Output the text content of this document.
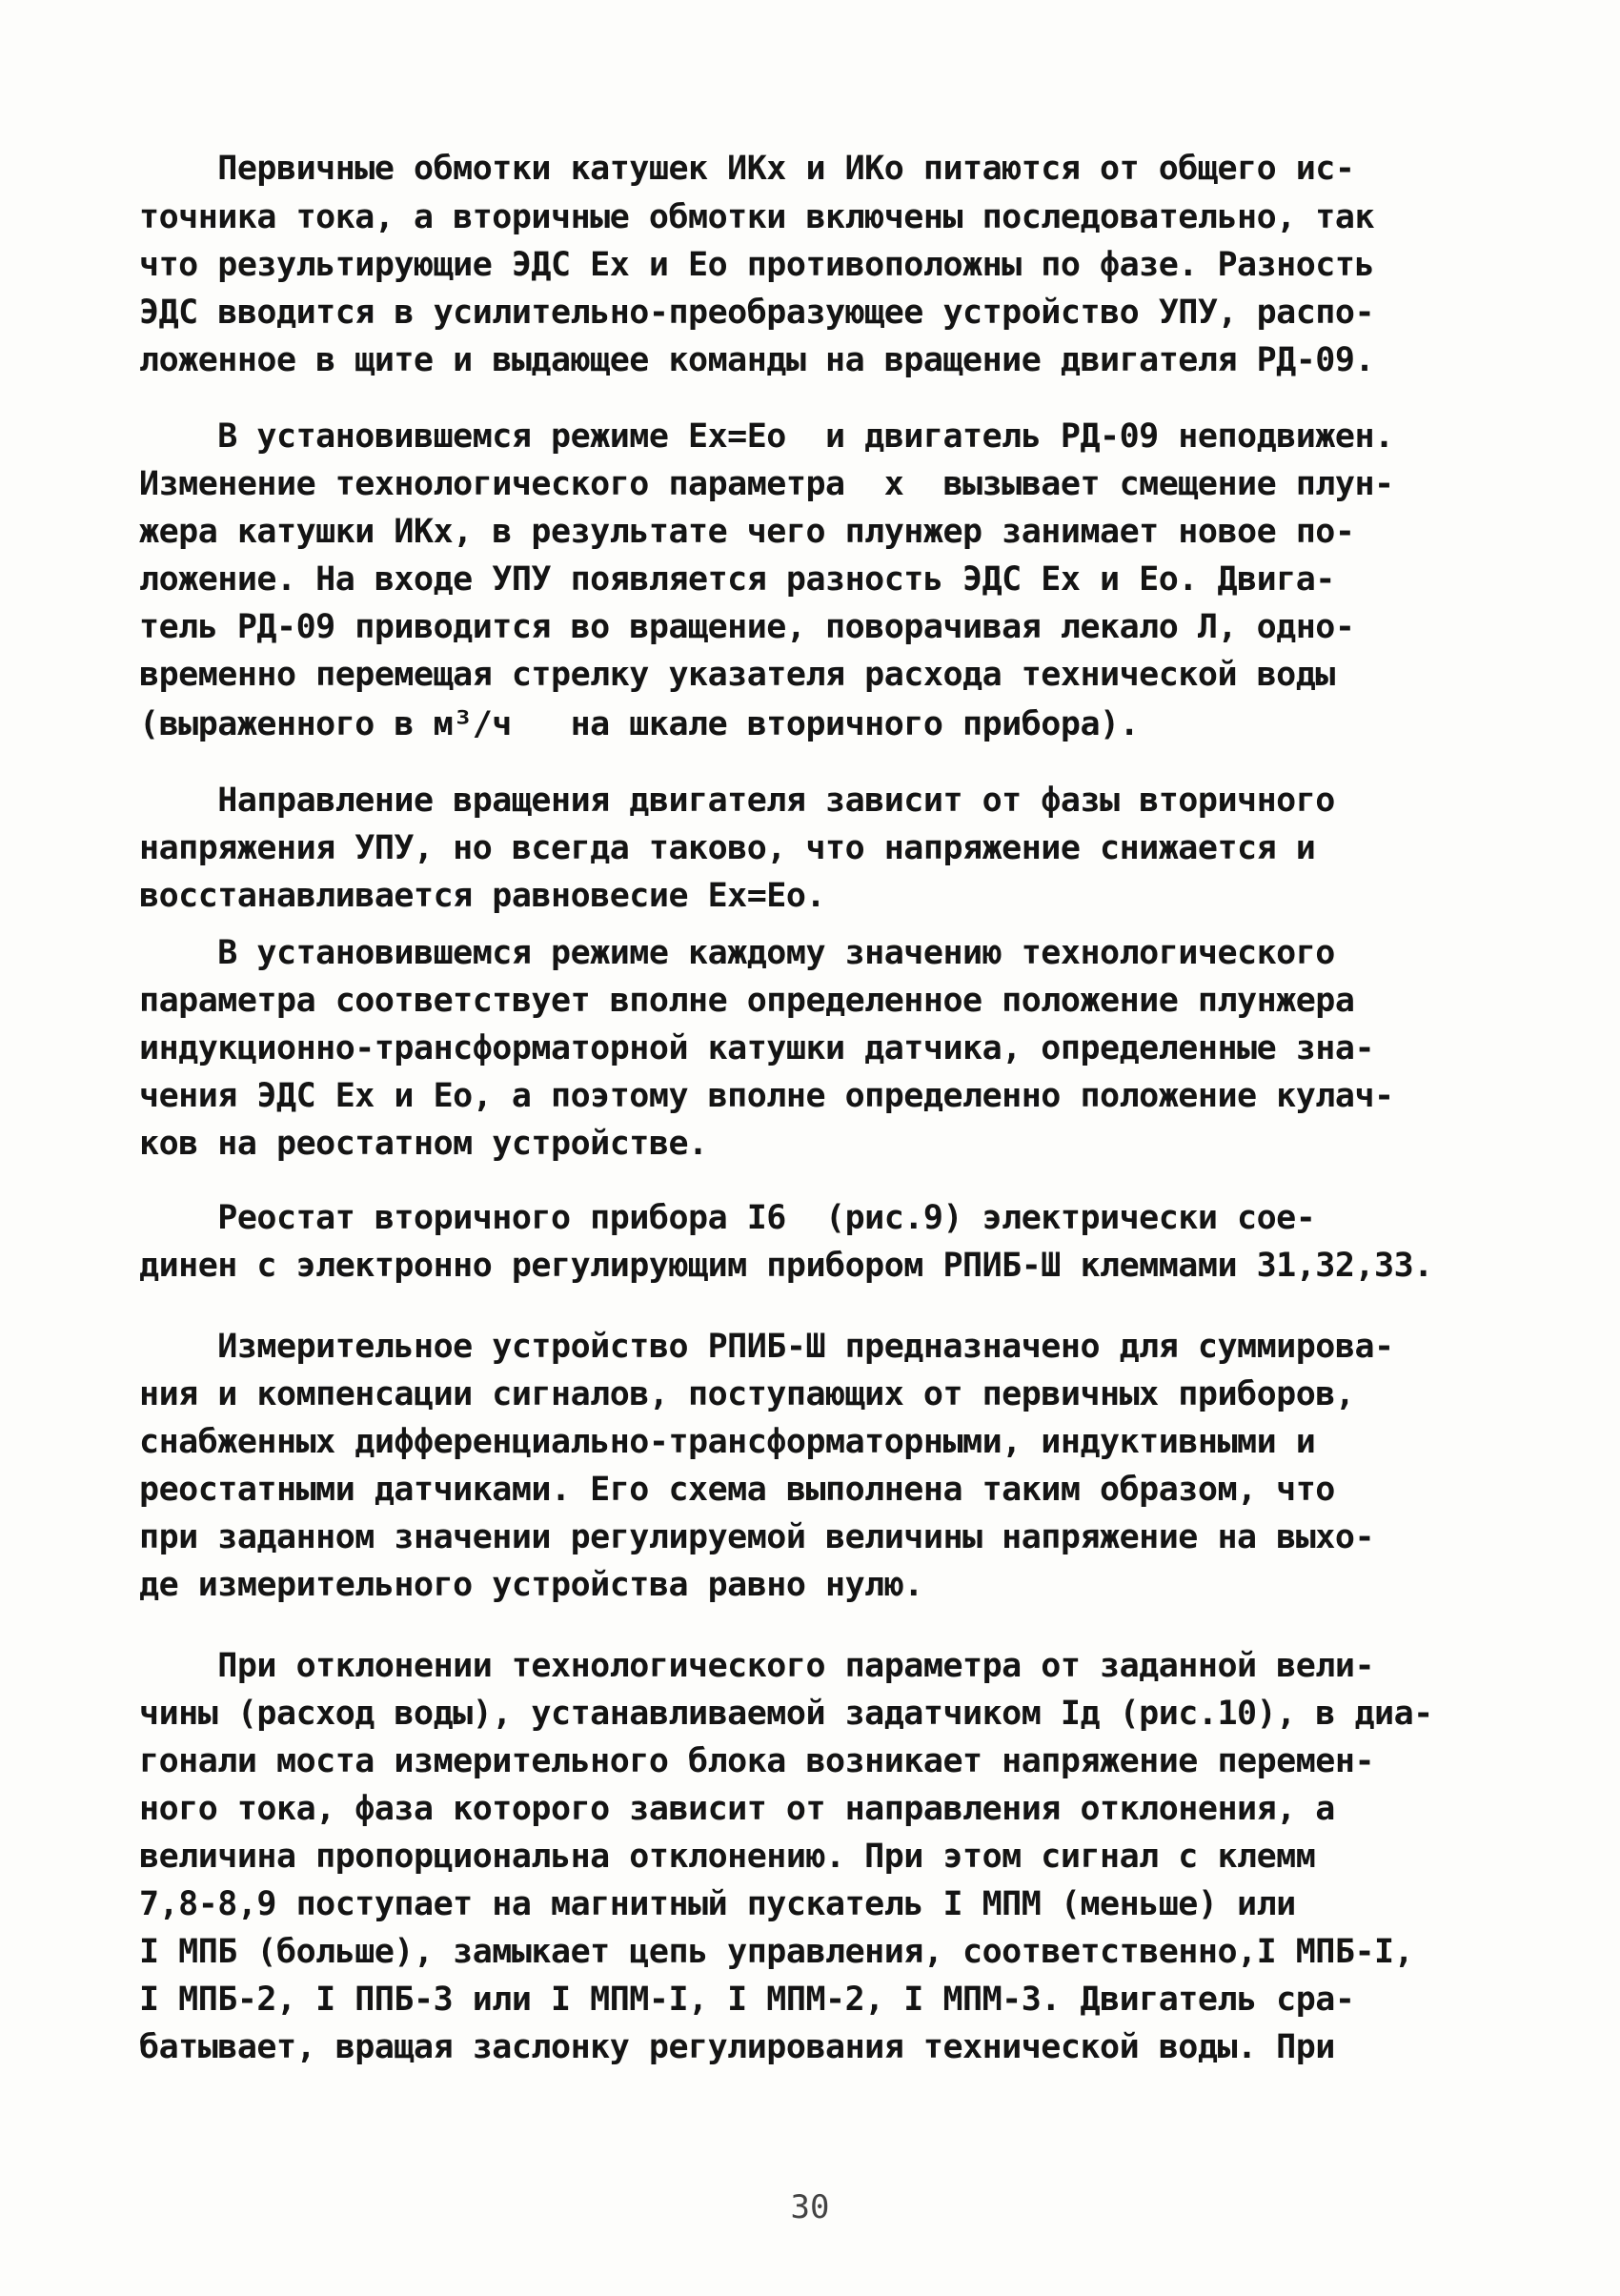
Первичные обмотки катушек ИКх и ИКо питаются от общего ис-
точника тока, а вторичные обмотки включены последовательно, так
что результирующие ЭДС Ех и Ео противоположны по фазе. Разность
ЭДС вводится в усилительно-преобразующее устройство УПУ, распо-
ложенное в щите и выдающее команды на вращение двигателя РД-09.
В установившемся режиме Ех=Ео  и двигатель РД-09 неподвижен.
Изменение технологического параметра  х  вызывает смещение плун-
жера катушки ИКх, в результате чего плунжер занимает новое по-
ложение. На входе УПУ появляется разность ЭДС Ех и Ео. Двига-
тель РД-09 приводится во вращение, поворачивая лекало Л, одно-
временно перемещая стрелку указателя расхода технической воды
(выраженного в м³/ч   на шкале вторичного прибора).
Направление вращения двигателя зависит от фазы вторичного
напряжения УПУ, но всегда таково, что напряжение снижается и
восстанавливается равновесие Ех=Ео.
В установившемся режиме каждому значению технологического
параметра соответствует вполне определенное положение плунжера
индукционно-трансформаторной катушки датчика, определенные зна-
чения ЭДС Ех и Ео, а поэтому вполне определенно положение кулач-
ков на реостатном устройстве.
Реостат вторичного прибора I6  (рис.9) электрически сое-
динен с электронно регулирующим прибором РПИБ-Ш клеммами 31,32,33.
Измерительное устройство РПИБ-Ш предназначено для суммирова-
ния и компенсации сигналов, поступающих от первичных приборов,
снабженных дифференциально-трансформаторными, индуктивными и
реостатными датчиками. Его схема выполнена таким образом, что
при заданном значении регулируемой величины напряжение на выхо-
де измерительного устройства равно нулю.
При отклонении технологического параметра от заданной вели-
чины (расход воды), устанавливаемой задатчиком Iд (рис.10), в диа-
гонали моста измерительного блока возникает напряжение перемен-
ного тока, фаза которого зависит от направления отклонения, а
величина пропорциональна отклонению. При этом сигнал с клемм
7,8-8,9 поступает на магнитный пускатель I МПМ (меньше) или
I МПБ (больше), замыкает цепь управления, соответственно,I МПБ-I,
I МПБ-2, I ППБ-3 или I МПМ-I, I МПМ-2, I МПМ-3. Двигатель сра-
батывает, вращая заслонку регулирования технической воды. При
30
